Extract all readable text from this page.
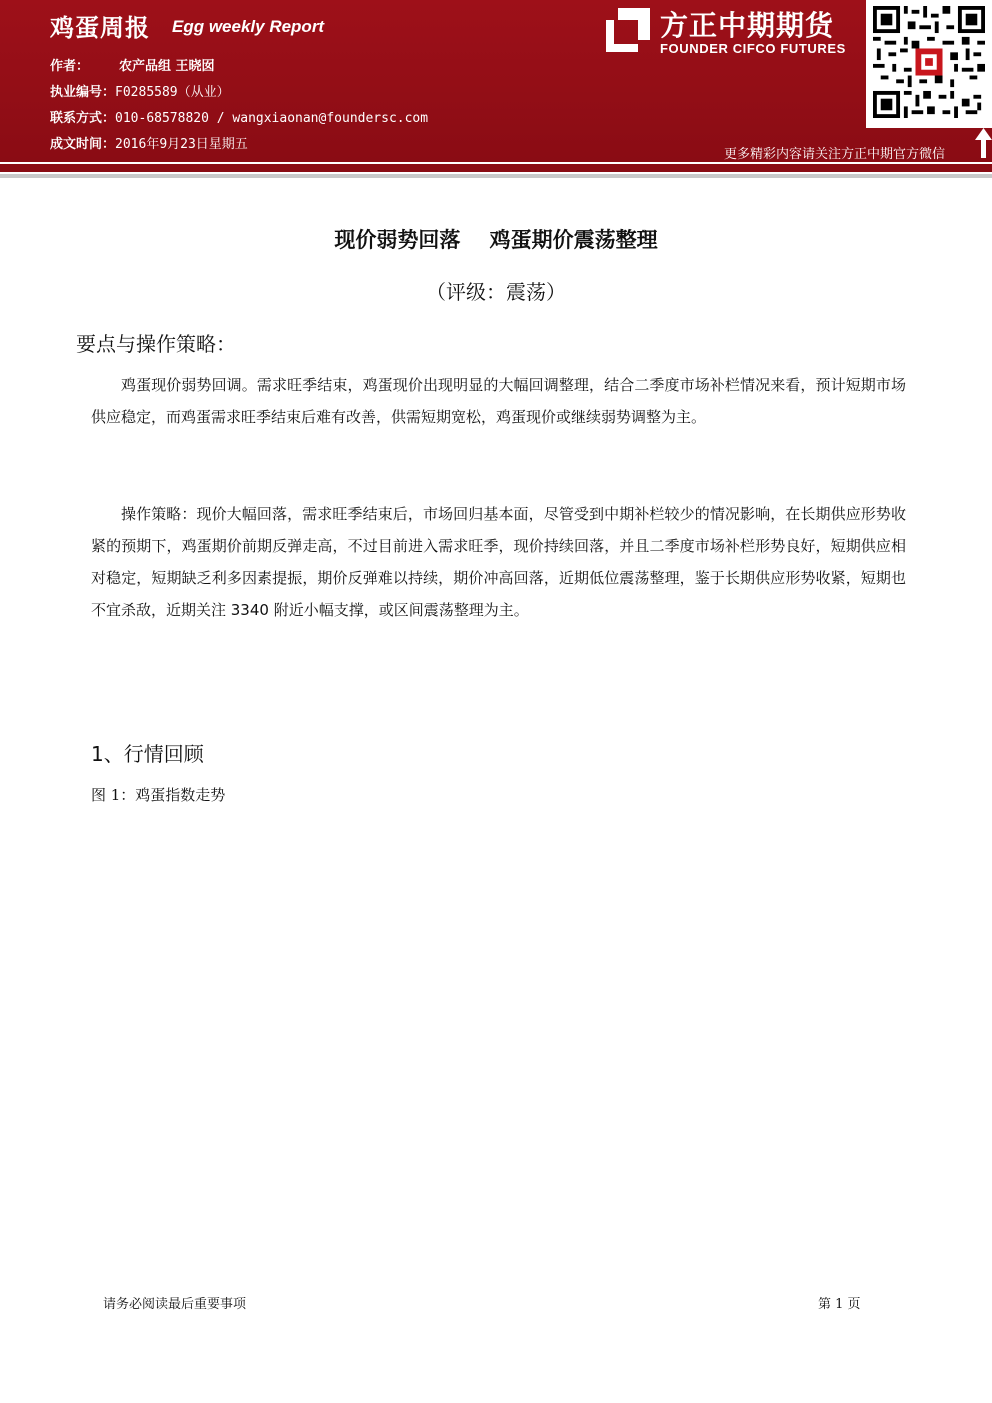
鸡蛋周报 Egg weekly Report
作者： 农产品组 王晓囡
执业编号：F0285589（从业）
联系方式：010-68578820 / wangxiaonan@foundersc.com
成文时间：2016年9月23日星期五
方正中期期货
FOUNDER CIFCO FUTURES
更多精彩内容请关注方正中期官方微信
现价弱势回落    鸡蛋期价震荡整理
（评级：震荡）
要点与操作策略：
鸡蛋现价弱势回调。需求旺季结束，鸡蛋现价出现明显的大幅回调整理，结合二季度市场补栏情况来看，预计短期市场供应稳定，而鸡蛋需求旺季结束后难有改善，供需短期宽松，鸡蛋现价或继续弱势调整为主。
操作策略：现价大幅回落，需求旺季结束后，市场回归基本面，尽管受到中期补栏较少的情况影响，在长期供应形势收紧的预期下，鸡蛋期价前期反弹走高，不过目前进入需求旺季，现价持续回落，并且二季度市场补栏形势良好，短期供应相对稳定，短期缺乏利多因素提振，期价反弹难以持续，期价冲高回落，近期低位震荡整理，鉴于长期供应形势收紧，短期也不宜杀敌，近期关注 3340 附近小幅支撑，或区间震荡整理为主。
1、行情回顾
图 1：鸡蛋指数走势
请务必阅读最后重要事项	第 1 页
